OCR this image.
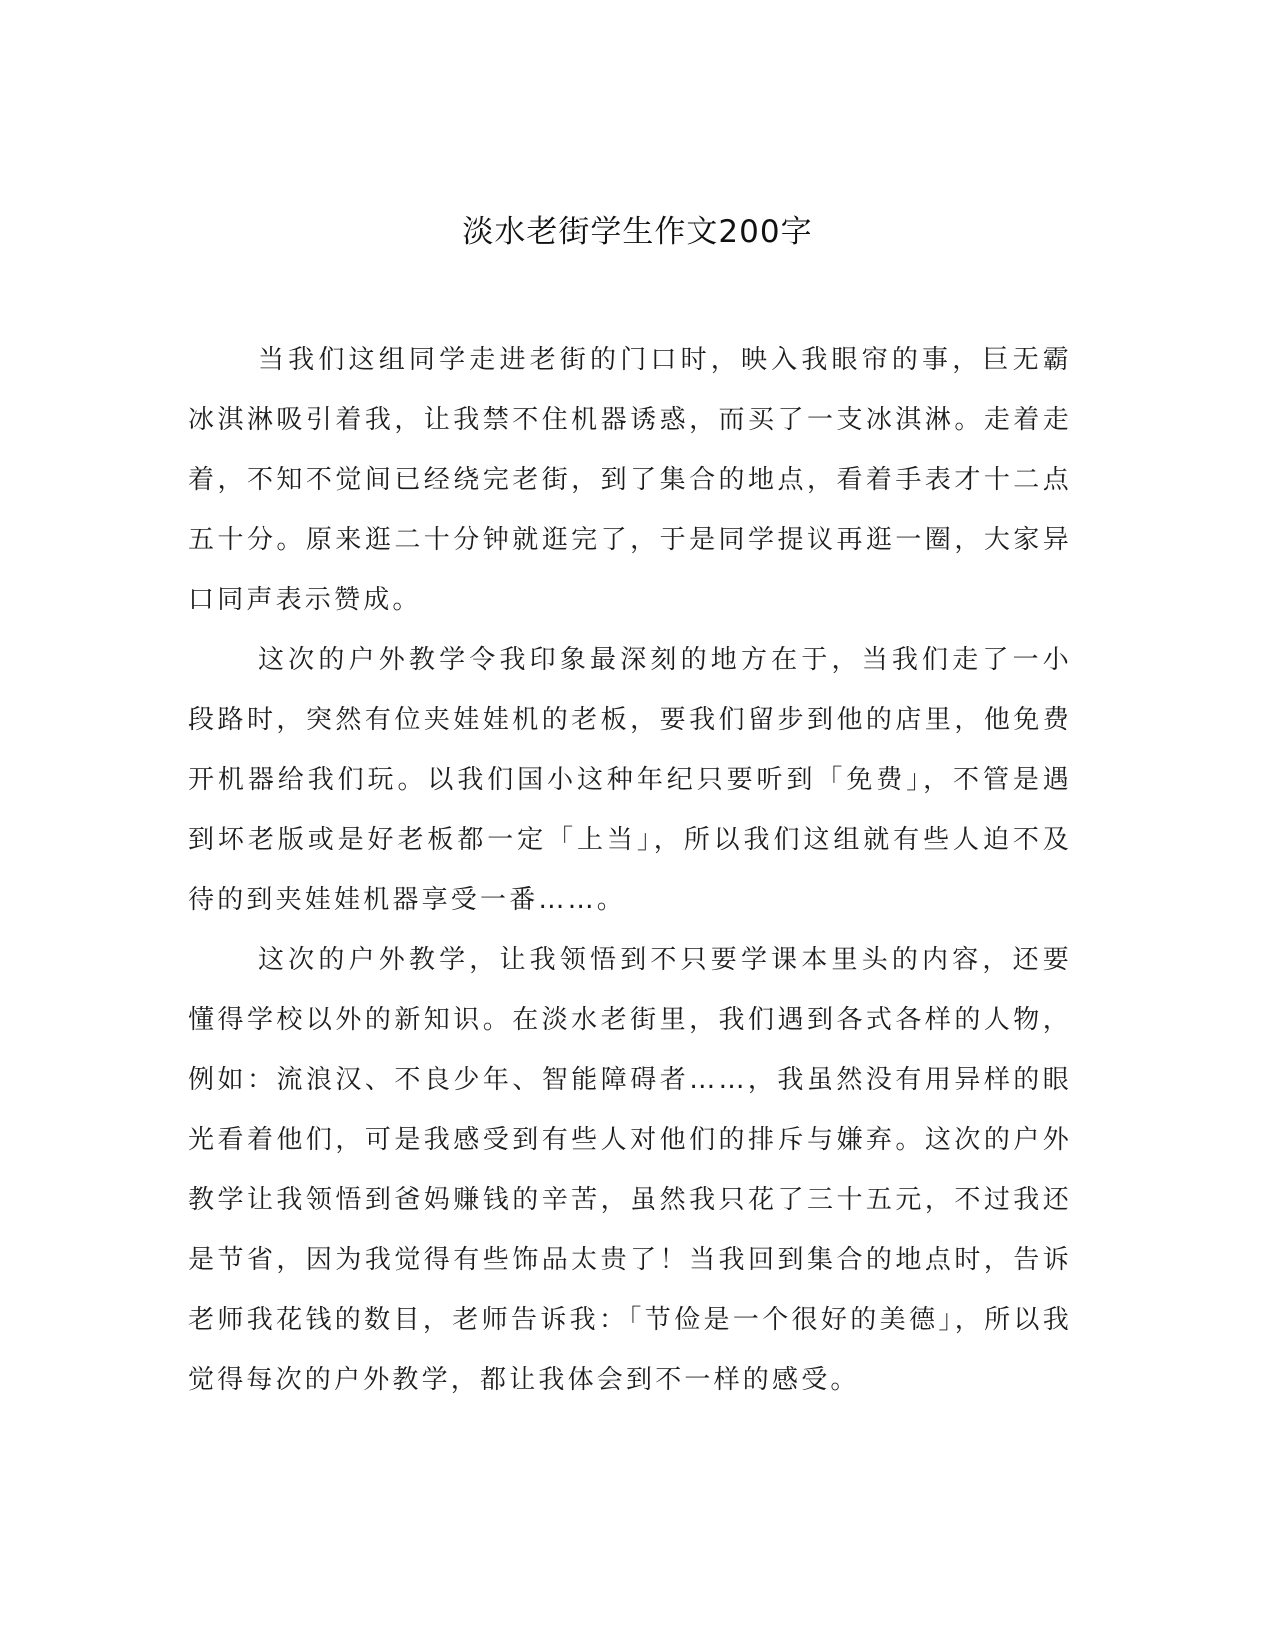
淡水老街学生作文200字

当我们这组同学走进老街的门口时，映入我眼帘的事，巨无霸冰淇淋吸引着我，让我禁不住机器诱惑，而买了一支冰淇淋。走着走着，不知不觉间已经绕完老街，到了集合的地点，看着手表才十二点五十分。原来逛二十分钟就逛完了，于是同学提议再逛一圈，大家异口同声表示赞成。

这次的户外教学令我印象最深刻的地方在于，当我们走了一小段路时，突然有位夹娃娃机的老板，要我们留步到他的店里，他免费开机器给我们玩。以我们国小这种年纪只要听到「免费」，不管是遇到坏老版或是好老板都一定「上当」，所以我们这组就有些人迫不及待的到夹娃娃机器享受一番……。

这次的户外教学，让我领悟到不只要学课本里头的内容，还要懂得学校以外的新知识。在淡水老街里，我们遇到各式各样的人物，例如：流浪汉、不良少年、智能障碍者……，我虽然没有用异样的眼光看着他们，可是我感受到有些人对他们的排斥与嫌弃。这次的户外教学让我领悟到爸妈赚钱的辛苦，虽然我只花了三十五元，不过我还是节省，因为我觉得有些饰品太贵了！当我回到集合的地点时，告诉老师我花钱的数目，老师告诉我：「节俭是一个很好的美德」，所以我觉得每次的户外教学，都让我体会到不一样的感受。
